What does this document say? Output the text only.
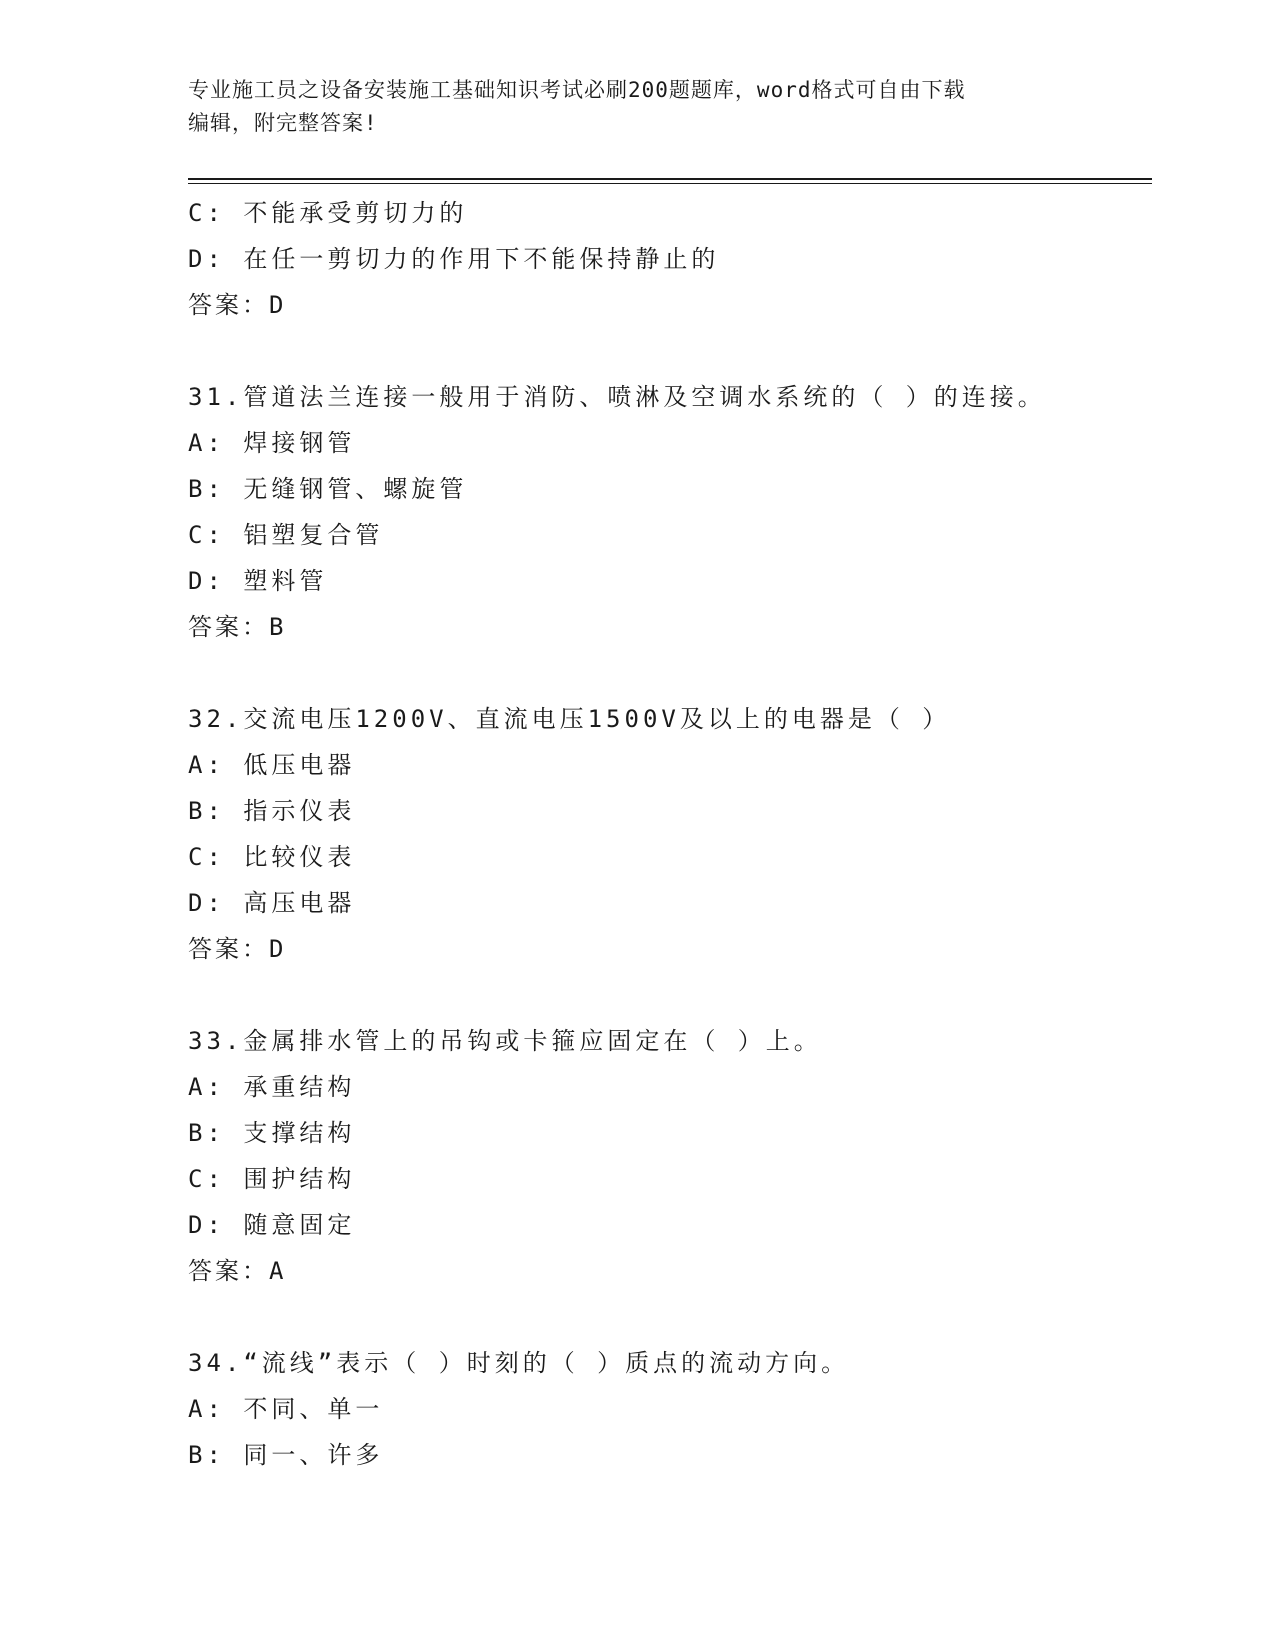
专业施工员之设备安装施工基础知识考试必刷200题题库，word格式可自由下载
编辑，附完整答案!
C: 不能承受剪切力的
D: 在任一剪切力的作用下不能保持静止的
答案：D
31.管道法兰连接一般用于消防、喷淋及空调水系统的（ ）的连接。
A: 焊接钢管
B: 无缝钢管、螺旋管
C: 铝塑复合管
D: 塑料管
答案：B
32.交流电压1200V、直流电压1500V及以上的电器是（ ）
A: 低压电器
B: 指示仪表
C: 比较仪表
D: 高压电器
答案：D
33.金属排水管上的吊钩或卡箍应固定在（ ）上。
A: 承重结构
B: 支撑结构
C: 围护结构
D: 随意固定
答案：A
34.“流线”表示（ ）时刻的（ ）质点的流动方向。
A: 不同、单一
B: 同一、许多
